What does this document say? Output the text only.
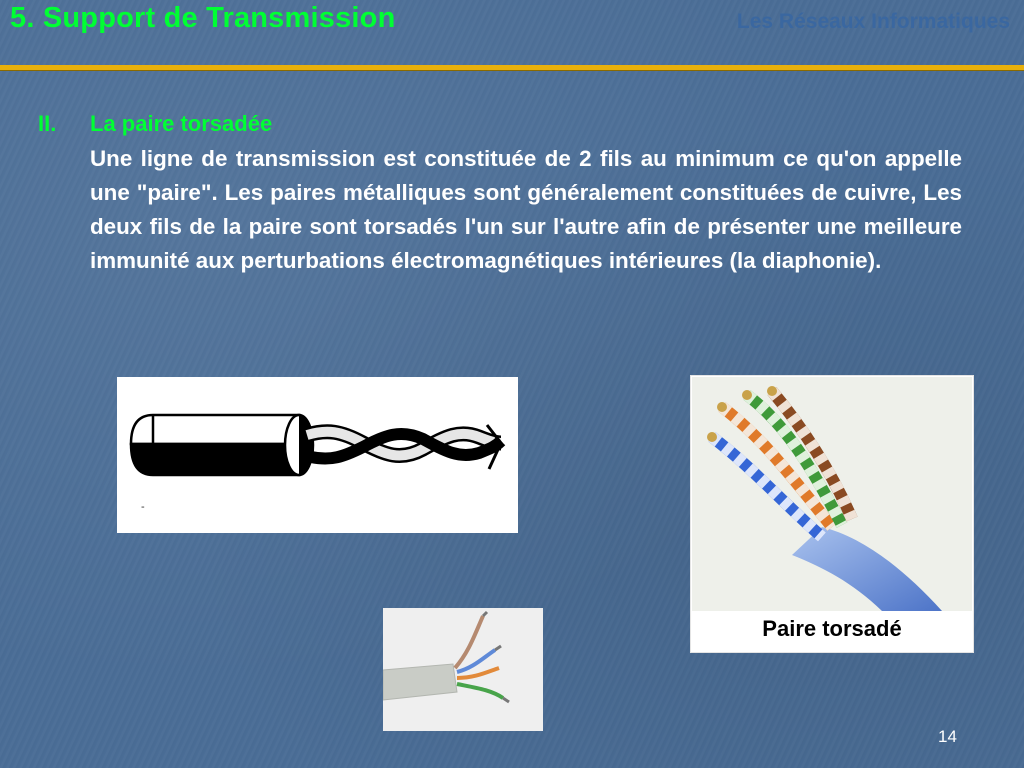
5. Support de Transmission	Les Réseaux Informatiques
II. La paire torsadée

Une ligne de transmission est constituée de 2 fils au minimum ce qu'on appelle une "paire". Les paires métalliques sont généralement constituées de cuivre, Les deux fils de la paire sont torsadés l'un sur l'autre afin de présenter une meilleure immunité aux perturbations électromagnétiques intérieures (la diaphonie).

-
Paire torsadé
14
